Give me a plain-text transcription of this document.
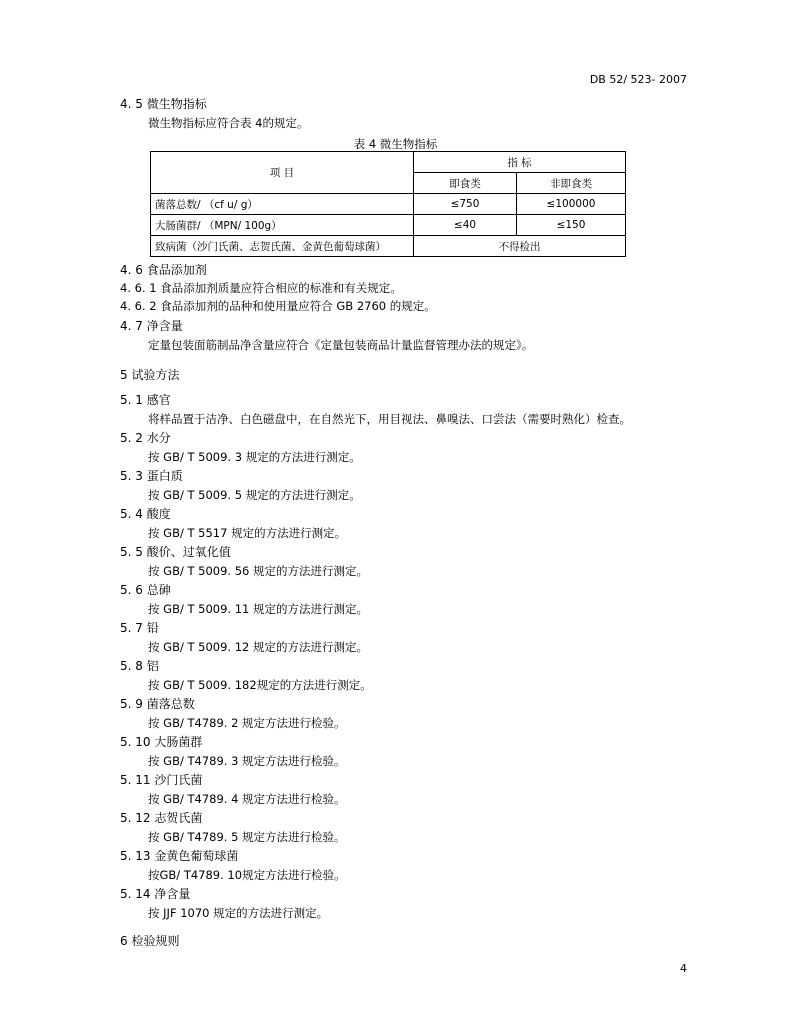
DB 52/ 523- 2007
4. 5 微生物指标
微生物指标应符合表 4的规定。
表 4 微生物指标
项 目	指 标	
	即食类	非即食类
菌落总数/ （cf u/ g）	≤750	≤100000
大肠菌群/ （MPN/ 100g）	≤40	≤150
致病菌（沙门氏菌、志贺氏菌、金黄色葡萄球菌）	不得检出	
4. 6 食品添加剂
4. 6. 1 食品添加剂质量应符合相应的标准和有关规定。
4. 6. 2 食品添加剂的品种和使用量应符合 GB 2760 的规定。
4. 7 净含量
定量包装面筋制品净含量应符合《定量包装商品计量监督管理办法的规定》。
5 试验方法
5. 1 感官
将样品置于洁净、白色磁盘中，在自然光下，用目视法、鼻嗅法、口尝法（需要时熟化）检查。
5. 2 水分
按 GB/ T 5009. 3 规定的方法进行测定。
5. 3 蛋白质
按 GB/ T 5009. 5 规定的方法进行测定。
5. 4 酸度
按 GB/ T 5517 规定的方法进行测定。
5. 5 酸价、过氧化值
按 GB/ T 5009. 56 规定的方法进行测定。
5. 6 总砷
按 GB/ T 5009. 11 规定的方法进行测定。
5. 7 铅
按 GB/ T 5009. 12 规定的方法进行测定。
5. 8 铝
按 GB/ T 5009. 182规定的方法进行测定。
5. 9 菌落总数
按 GB/ T4789. 2 规定方法进行检验。
5. 10 大肠菌群
按 GB/ T4789. 3 规定方法进行检验。
5. 11 沙门氏菌
按 GB/ T4789. 4 规定方法进行检验。
5. 12 志贺氏菌
按 GB/ T4789. 5 规定方法进行检验。
5. 13 金黄色葡萄球菌
按GB/ T4789. 10规定方法进行检验。
5. 14 净含量
按 JJF 1070 规定的方法进行测定。
6 检验规则
4
